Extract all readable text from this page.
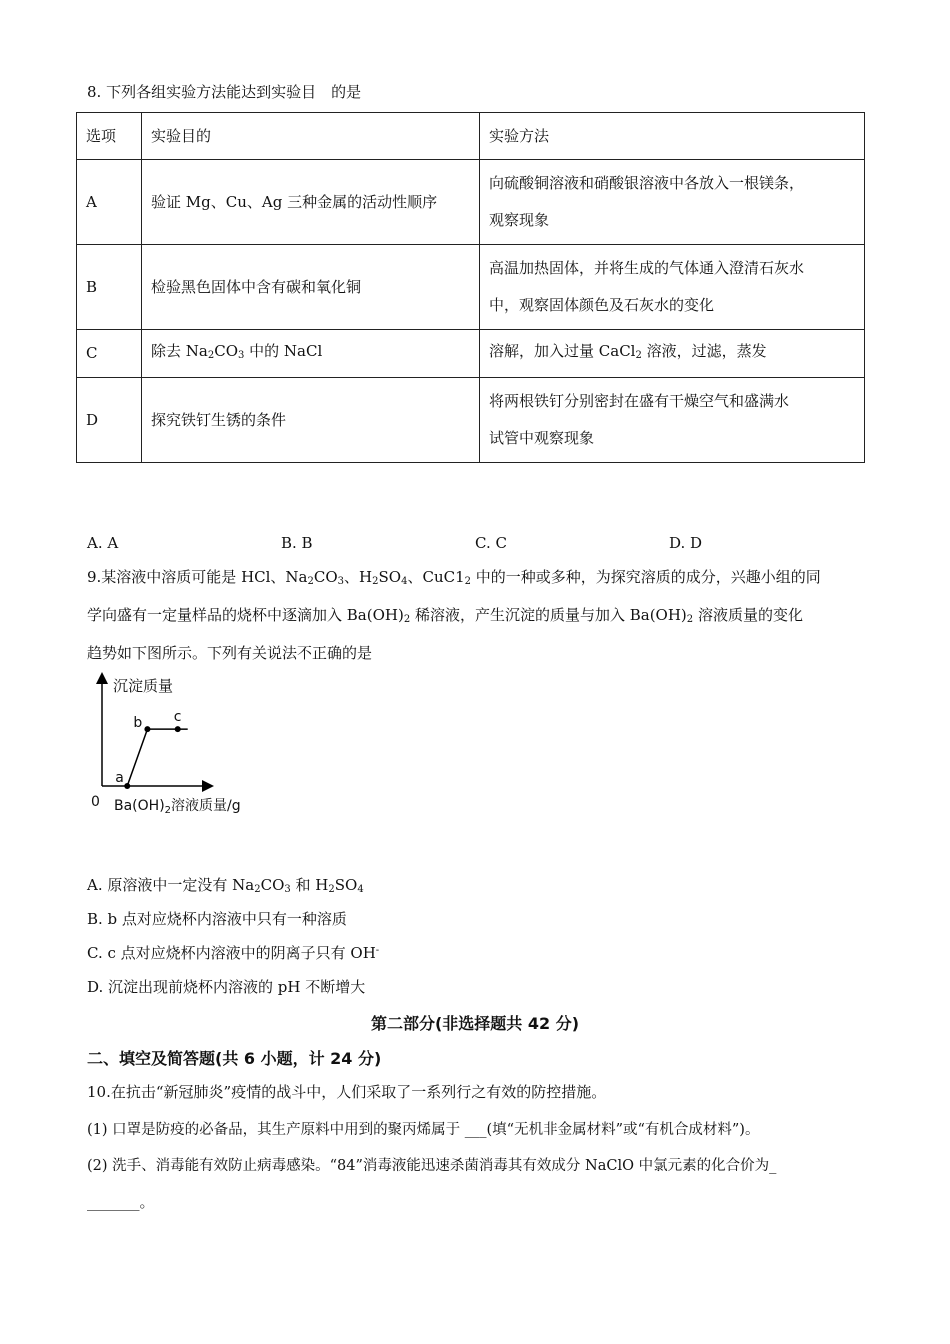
8. 下列各组实验方法能达到实验目　的是
选项	实验目的	实验方法
A	验证 Mg、Cu、Ag 三种金属的活动性顺序	向硫酸铜溶液和硝酸银溶液中各放入一根镁条，
观察现象
B	检验黑色固体中含有碳和氧化铜	高温加热固体，并将生成的气体通入澄清石灰水
中，观察固体颜色及石灰水的变化
C	除去 $Na_2CO_3$ 中的 NaCl	溶解，加入过量 CaCl$_2$ 溶液，过滤，蒸发
D	探究铁钉生锈的条件	将两根铁钉分别密封在盛有干燥空气和盛满水
试管中观察现象
A. A	B. B	C. C	D. D
9.某溶液中溶质可能是 HCl、$Na_2CO_3$、$H_2SO_4$、$CuC1_2$ 中的一种或多种，为探究溶质的成分，兴趣小组的同
学向盛有一定量样品的烧杯中逐滴加入 $Ba(OH)_2$ 稀溶液，产生沉淀的质量与加入 $Ba(OH)_2$ 溶液质量的变化
趋势如下图所示。下列有关说法不正确的是
沉淀质量
0 $Ba(OH)_2$溶液质量/g
a
b c
A. 原溶液中一定没有 $Na_2CO_3$ 和 $H_2SO_4$
B. b 点对应烧杯内溶液中只有一种溶质
C. c 点对应烧杯内溶液中的阴离子只有 OH-
D. 沉淀出现前烧杯内溶液的 pH 不断增大
第二部分(非选择题共 42 分)
二、填空及简答题(共 6 小题，计 24 分)
10.在抗击“新冠肺炎”疫情的战斗中，人们采取了一系列行之有效的防控措施。
(1) 口罩是防疫的必备品，其生产原料中用到的聚丙烯属于 ___(填“无机非金属材料”或“有机合成材料”)。
(2) 洗手、消毒能有效防止病毒感染。“84”消毒液能迅速杀菌消毒其有效成分 NaClO 中氯元素的化合价为_
_______。
